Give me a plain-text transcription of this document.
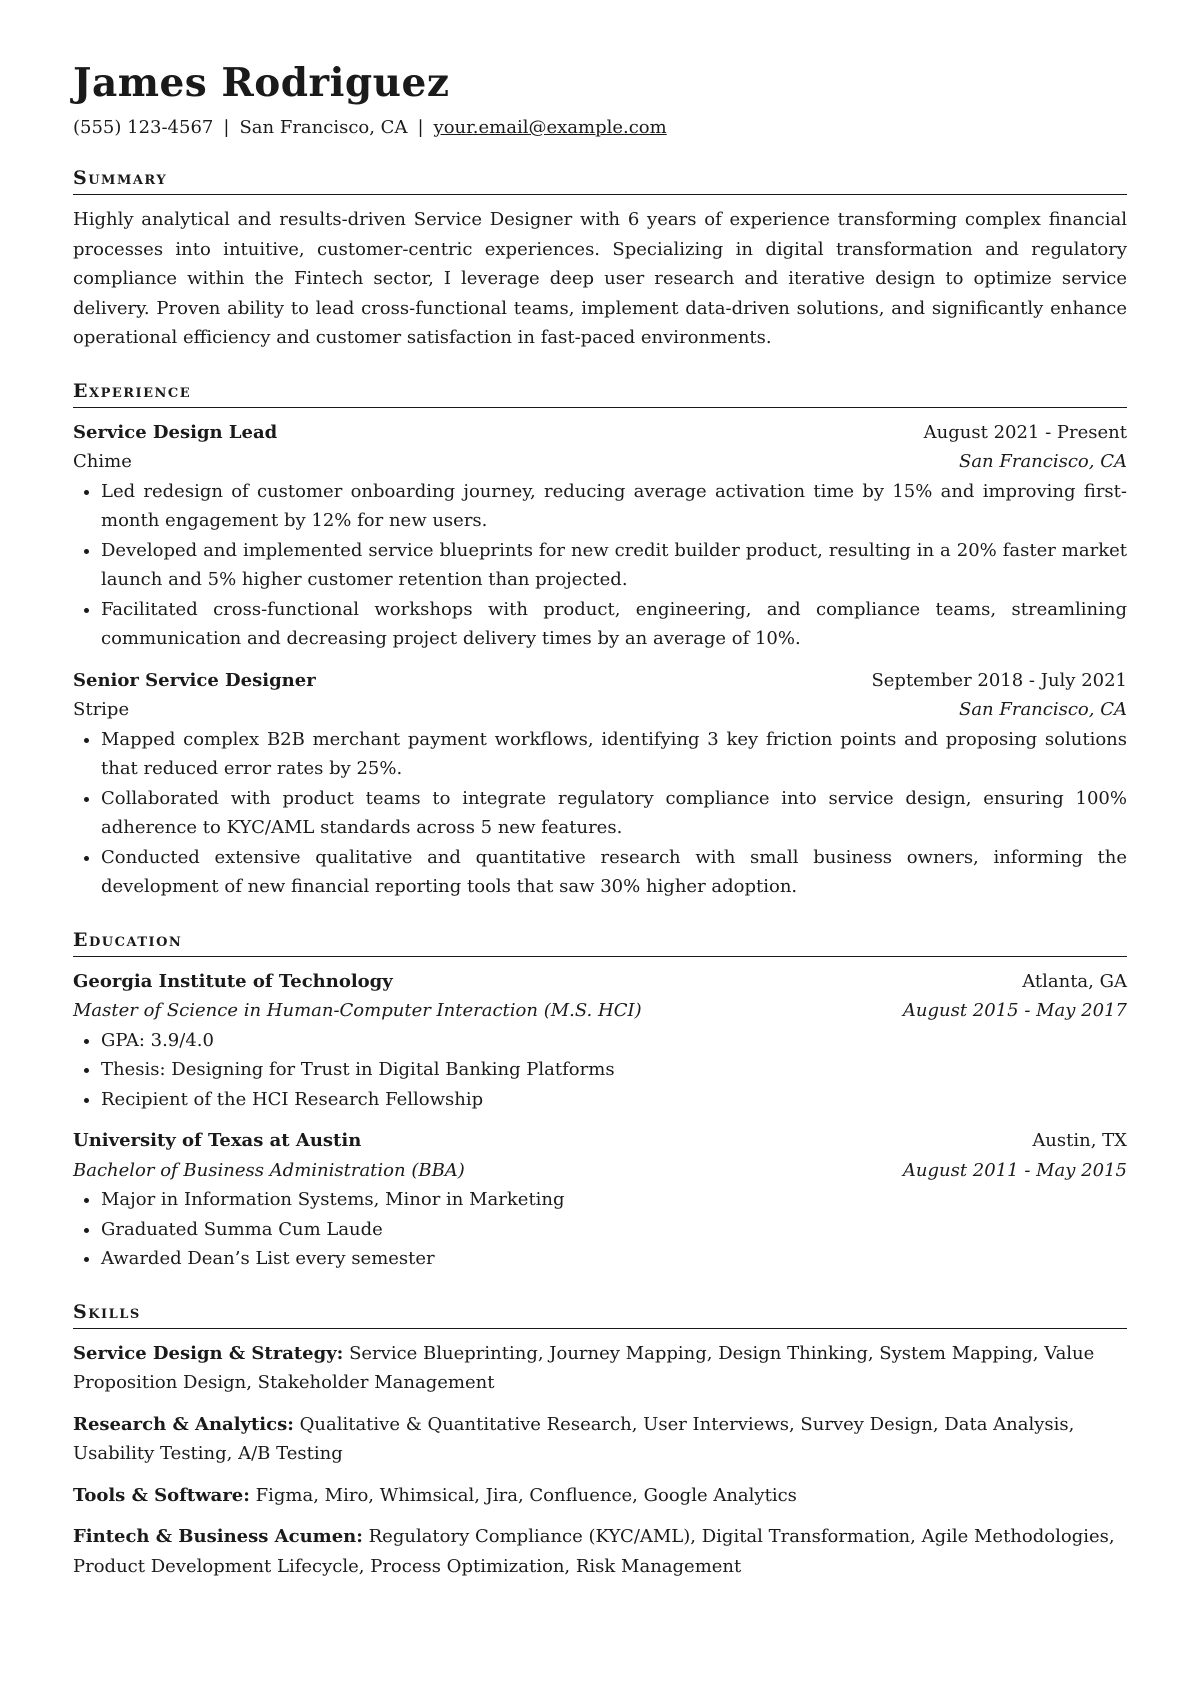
James Rodriguez
(555) 123-4567 | San Francisco, CA | your.email@example.com
Summary

Highly analytical and results-driven Service Designer with 6 years of experience transforming complex financial processes into intuitive, customer-centric experiences. Specializing in digital transformation and regulatory compliance within the Fintech sector, I leverage deep user research and iterative design to optimize service delivery. Proven ability to lead cross-functional teams, implement data-driven solutions, and significantly enhance operational efficiency and customer satisfaction in fast-paced environments.

Experience
Service Design Lead	August 2021 - Present
Chime	San Francisco, CA
• Led redesign of customer onboarding journey, reducing average activation time by 15% and improving first-month engagement by 12% for new users.
• Developed and implemented service blueprints for new credit builder product, resulting in a 20% faster market launch and 5% higher customer retention than projected.
• Facilitated cross-functional workshops with product, engineering, and compliance teams, streamlining communication and decreasing project delivery times by an average of 10%.
Senior Service Designer	September 2018 - July 2021
Stripe	San Francisco, CA
• Mapped complex B2B merchant payment workflows, identifying 3 key friction points and proposing solutions that reduced error rates by 25%.
• Collaborated with product teams to integrate regulatory compliance into service design, ensuring 100% adherence to KYC/AML standards across 5 new features.
• Conducted extensive qualitative and quantitative research with small business owners, informing the development of new financial reporting tools that saw 30% higher adoption.
Education
Georgia Institute of Technology	Atlanta, GA
Master of Science in Human-Computer Interaction (M.S. HCI)	August 2015 - May 2017
• GPA: 3.9/4.0
• Thesis: Designing for Trust in Digital Banking Platforms
• Recipient of the HCI Research Fellowship
University of Texas at Austin	Austin, TX
Bachelor of Business Administration (BBA)	August 2011 - May 2015
• Major in Information Systems, Minor in Marketing
• Graduated Summa Cum Laude
• Awarded Dean’s List every semester
Skills

Service Design & Strategy: Service Blueprinting, Journey Mapping, Design Thinking, System Mapping, Value Proposition Design, Stakeholder Management

Research & Analytics: Qualitative & Quantitative Research, User Interviews, Survey Design, Data Analysis, Usability Testing, A/B Testing

Tools & Software: Figma, Miro, Whimsical, Jira, Confluence, Google Analytics

Fintech & Business Acumen: Regulatory Compliance (KYC/AML), Digital Transformation, Agile Methodologies, Product Development Lifecycle, Process Optimization, Risk Management
